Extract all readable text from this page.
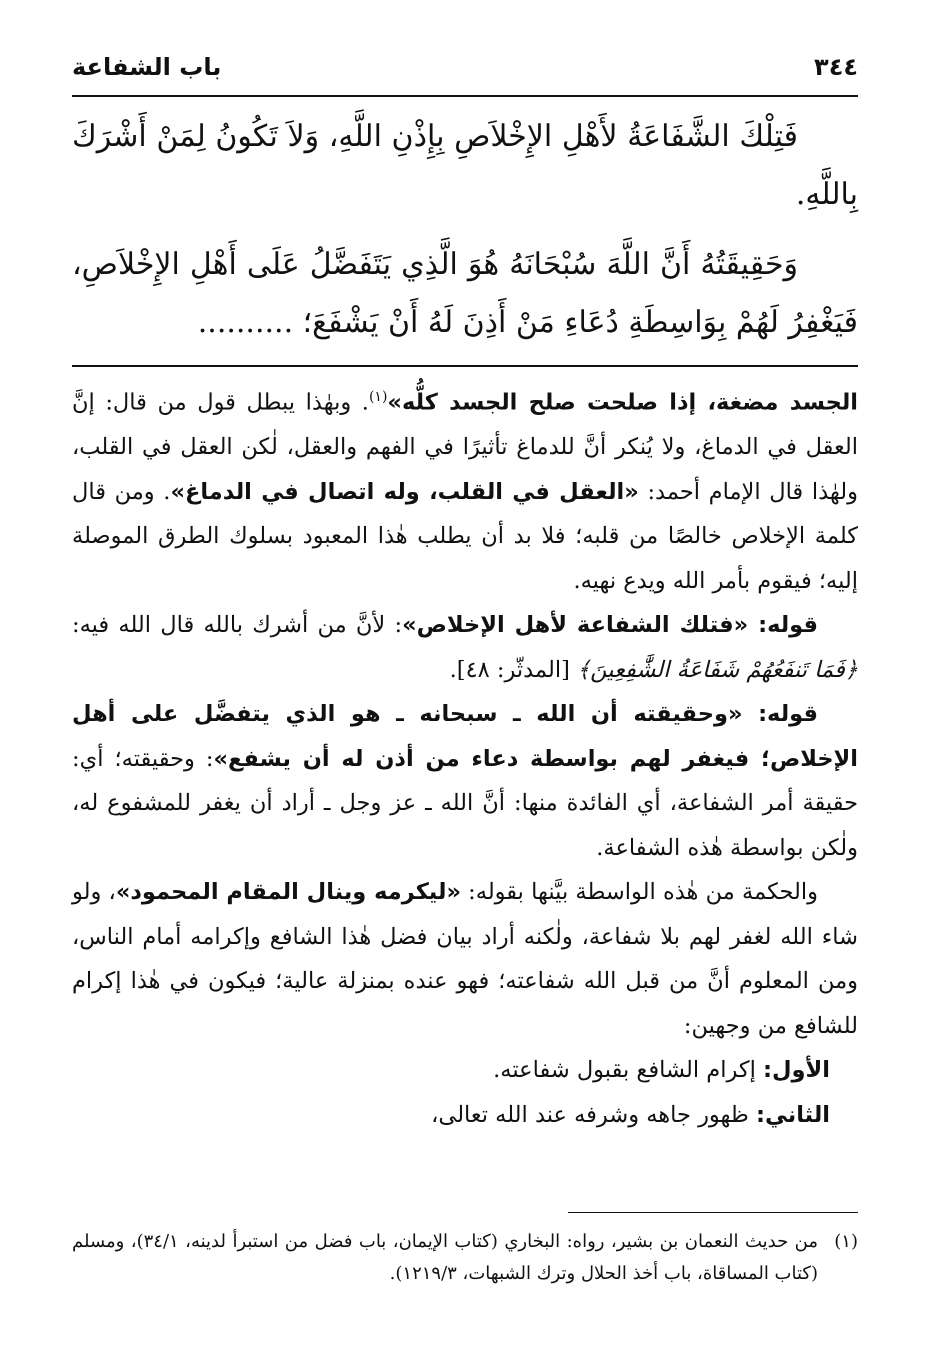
٣٤٤
باب الشفاعة

فَتِلْكَ الشَّفَاعَةُ لأَهْلِ الإِخْلاَصِ بِإِذْنِ اللَّهِ، وَلاَ تَكُونُ لِمَنْ أَشْرَكَ بِاللَّهِ.

وَحَقِيقَتُهُ أَنَّ اللَّهَ سُبْحَانَهُ هُوَ الَّذِي يَتَفَضَّلُ عَلَى أَهْلِ الإِخْلاَصِ، فَيَغْفِرُ لَهُمْ بِوَاسِطَةِ دُعَاءِ مَنْ أَذِنَ لَهُ أَنْ يَشْفَعَ؛ ..........

الجسد مضغة، إذا صلحت صلح الجسد كلُّه»$^{(١)}$. وبهٰذا يبطل قول من قال: إنَّ العقل في الدماغ، ولا يُنكر أنَّ للدماغ تأثيرًا في الفهم والعقل، لٰكن العقل في القلب، ولهٰذا قال الإمام أحمد: «العقل في القلب، وله اتصال في الدماغ». ومن قال كلمة الإخلاص خالصًا من قلبه؛ فلا بد أن يطلب هٰذا المعبود بسلوك الطرق الموصلة إليه؛ فيقوم بأمر الله ويدع نهيه.

قوله: «فتلك الشفاعة لأهل الإخلاص»: لأنَّ من أشرك بالله قال الله فيه: ﴿فَمَا تَنفَعُهُمْ شَفَاعَةُ الشَّٰفِعِينَ﴾ [المدثّر: ٤٨].

قوله: «وحقيقته أن الله ـ سبحانه ـ هو الذي يتفضَّل على أهل الإخلاص؛ فيغفر لهم بواسطة دعاء من أذن له أن يشفع»: وحقيقته؛ أي: حقيقة أمر الشفاعة، أي الفائدة منها: أنَّ الله ـ عز وجل ـ أراد أن يغفر للمشفوع له، ولٰكن بواسطة هٰذه الشفاعة.

والحكمة من هٰذه الواسطة بيَّنها بقوله: «ليكرمه وينال المقام المحمود»، ولو شاء الله لغفر لهم بلا شفاعة، ولٰكنه أراد بيان فضل هٰذا الشافع وإكرامه أمام الناس، ومن المعلوم أنَّ من قبل الله شفاعته؛ فهو عنده بمنزلة عالية؛ فيكون في هٰذا إكرام للشافع من وجهين:

الأول: إكرام الشافع بقبول شفاعته.

الثاني: ظهور جاهه وشرفه عند الله تعالى،

(١)
من حديث النعمان بن بشير، رواه: البخاري (كتاب الإيمان، باب فضل من استبرأ لدينه، ٣٤/١)، ومسلم (كتاب المساقاة، باب أخذ الحلال وترك الشبهات، ١٢١٩/٣).
